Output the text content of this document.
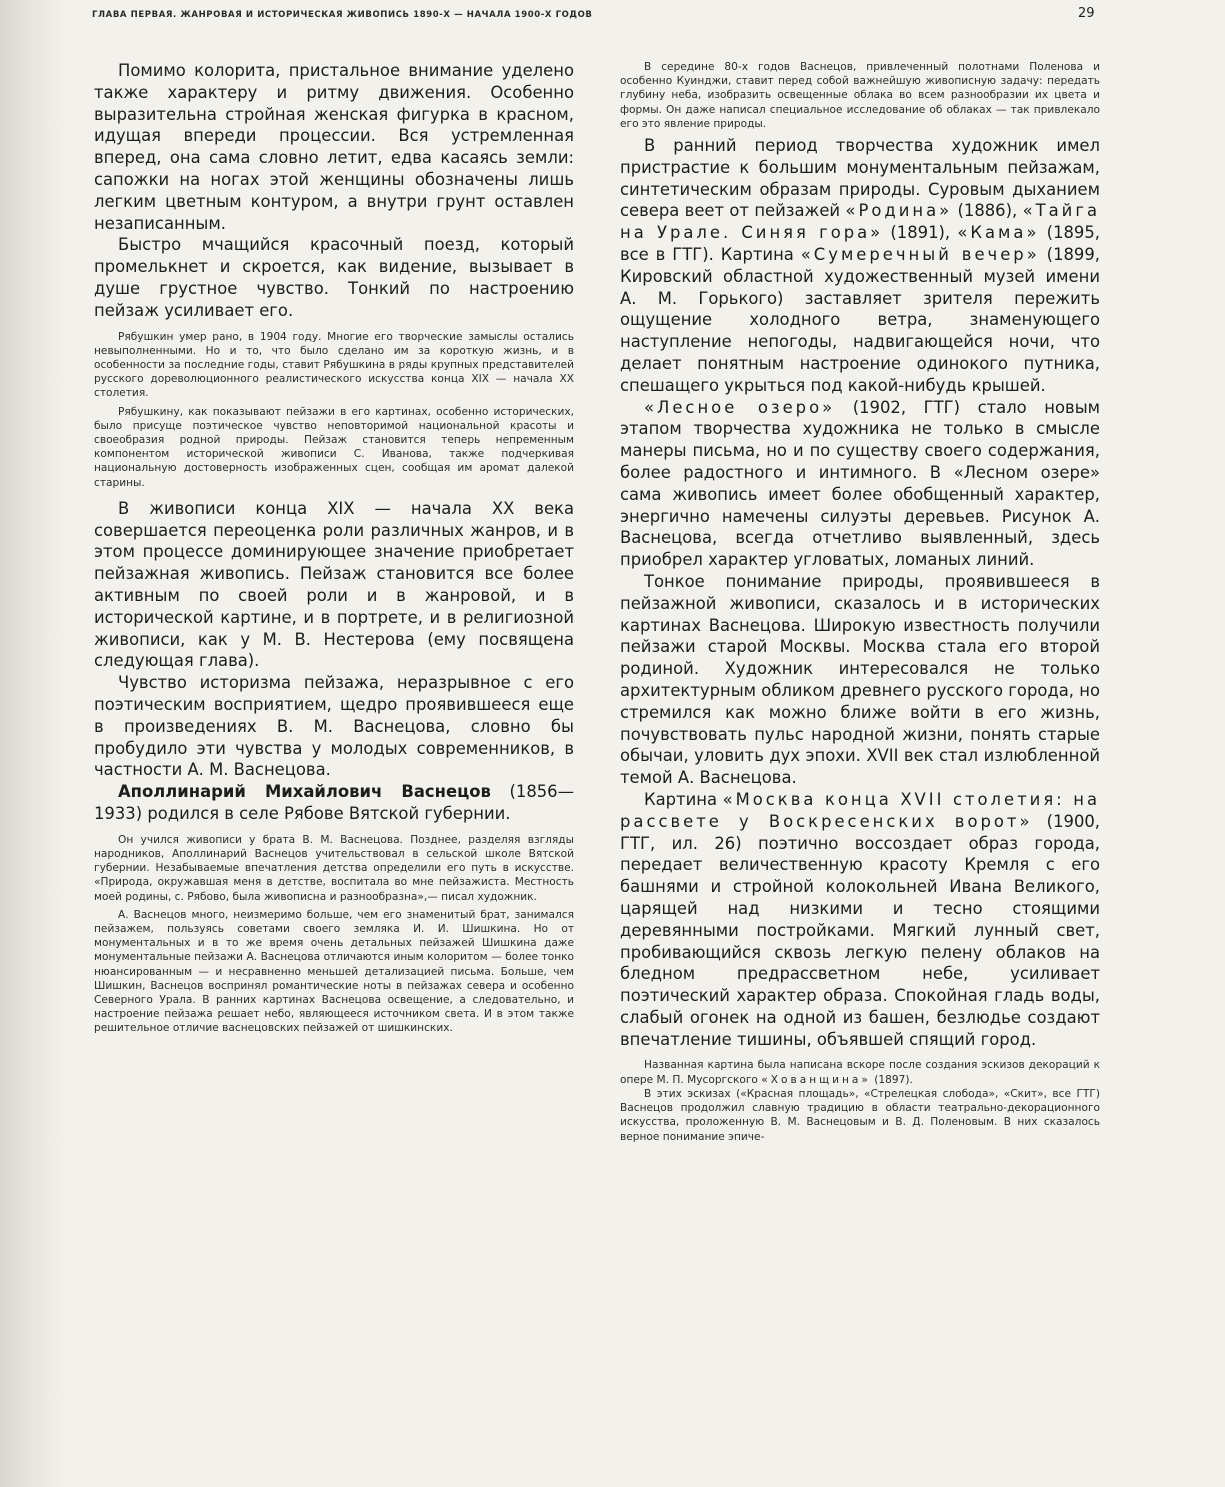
ГЛАВА ПЕРВАЯ. ЖАНРОВАЯ И ИСТОРИЧЕСКАЯ ЖИВОПИСЬ 1890-Х — НАЧАЛА 1900-Х ГОДОВ	29

Помимо колорита, пристальное внимание уделено также характеру и ритму движения. Особенно выразительна стройная женская фигурка в красном, идущая впереди процессии. Вся устремленная вперед, она сама словно летит, едва касаясь земли: сапожки на ногах этой женщины обозначены лишь легким цветным контуром, а внутри грунт оставлен незаписанным.

Быстро мчащийся красочный поезд, который промелькнет и скроется, как видение, вызывает в душе грустное чувство. Тонкий по настроению пейзаж усиливает его.

Рябушкин умер рано, в 1904 году. Многие его творческие замыслы остались невыполненными. Но и то, что было сделано им за короткую жизнь, и в особенности за последние годы, ставит Рябушкина в ряды крупных представителей русского дореволюционного реалистического искусства конца XIX — начала XX столетия.

Рябушкину, как показывают пейзажи в его картинах, особенно исторических, было присуще поэтическое чувство неповторимой национальной красоты и своеобразия родной природы. Пейзаж становится теперь непременным компонентом исторической живописи С. Иванова, также подчеркивая национальную достоверность изображенных сцен, сообщая им аромат далекой старины.

В живописи конца XIX — начала XX века совершается переоценка роли различных жанров, и в этом процессе доминирующее значение приобретает пейзажная живопись. Пейзаж становится все более активным по своей роли и в жанровой, и в исторической картине, и в портрете, и в религиозной живописи, как у М. В. Нестерова (ему посвящена следующая глава).

Чувство историзма пейзажа, неразрывное с его поэтическим восприятием, щедро проявившееся еще в произведениях В. М. Васнецова, словно бы пробудило эти чувства у молодых современников, в частности А. М. Васнецова.

Аполлинарий Михайлович Васнецов (1856—1933) родился в селе Рябове Вятской губернии.

Он учился живописи у брата В. М. Васнецова. Позднее, разделяя взгляды народников, Аполлинарий Васнецов учительствовал в сельской школе Вятской губернии. Незабываемые впечатления детства определили его путь в искусстве. «Природа, окружавшая меня в детстве, воспитала во мне пейзажиста. Местность моей родины, с. Рябово, была живописна и разнообразна»,— писал художник.

А. Васнецов много, неизмеримо больше, чем его знаменитый брат, занимался пейзажем, пользуясь советами своего земляка И. И. Шишкина. Но от монументальных и в то же время очень детальных пейзажей Шишкина даже монументальные пейзажи А. Васнецова отличаются иным колоритом — более тонко нюансированным — и несравненно меньшей детализацией письма. Больше, чем Шишкин, Васнецов воспринял романтические ноты в пейзажах севера и особенно Северного Урала. В ранних картинах Васнецова освещение, а следовательно, и настроение пейзажа решает небо, являющееся источником света. И в этом также решительное отличие васнецовских пейзажей от шишкинских.

В середине 80-х годов Васнецов, привлеченный полотнами Поленова и особенно Куинджи, ставит перед собой важнейшую живописную задачу: передать глубину неба, изобразить освещенные облака во всем разнообразии их цвета и формы. Он даже написал специальное исследование об облаках — так привлекало его это явление природы.

В ранний период творчества художник имел пристрастие к большим монументальным пейзажам, синтетическим образам природы. Суровым дыханием севера веет от пейзажей «Родина» (1886), «Тайга на Урале. Синяя гора» (1891), «Кама» (1895, все в ГТГ). Картина «Сумеречный вечер» (1899, Кировский областной художественный музей имени А. М. Горького) заставляет зрителя пережить ощущение холодного ветра, знаменующего наступление непогоды, надвигающейся ночи, что делает понятным настроение одинокого путника, спешащего укрыться под какой-нибудь крышей.

«Лесное озеро» (1902, ГТГ) стало новым этапом творчества художника не только в смысле манеры письма, но и по существу своего содержания, более радостного и интимного. В «Лесном озере» сама живопись имеет более обобщенный характер, энергично намечены силуэты деревьев. Рисунок А. Васнецова, всегда отчетливо выявленный, здесь приобрел характер угловатых, ломаных линий.

Тонкое понимание природы, проявившееся в пейзажной живописи, сказалось и в исторических картинах Васнецова. Широкую известность получили пейзажи старой Москвы. Москва стала его второй родиной. Художник интересовался не только архитектурным обликом древнего русского города, но стремился как можно ближе войти в его жизнь, почувствовать пульс народной жизни, понять старые обычаи, уловить дух эпохи. XVII век стал излюбленной темой А. Васнецова.

Картина «Москва конца XVII столетия: на рассвете у Воскресенских ворот» (1900, ГТГ, ил. 26) поэтично воссоздает образ города, передает величественную красоту Кремля с его башнями и стройной колокольней Ивана Великого, царящей над низкими и тесно стоящими деревянными постройками. Мягкий лунный свет, пробивающийся сквозь легкую пелену облаков на бледном предрассветном небе, усиливает поэтический характер образа. Спокойная гладь воды, слабый огонек на одной из башен, безлюдье создают впечатление тишины, объявшей спящий город.

Названная картина была написана вскоре после создания эскизов декораций к опере М. П. Мусоргского «Хованщина» (1897).

В этих эскизах («Красная площадь», «Стрелецкая слобода», «Скит», все ГТГ) Васнецов продолжил славную традицию в области театрально-декорационного искусства, проложенную В. М. Васнецовым и В. Д. Поленовым. В них сказалось верное понимание эпиче-
